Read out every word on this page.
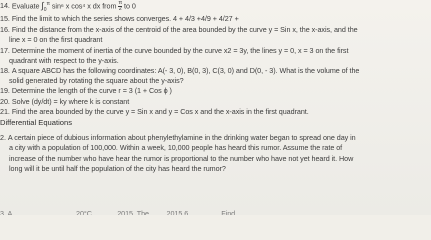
14. Evaluate $\int_0^\pi$ sin⁶ x cos⁴ x dx from $\frac{\pi}{2}$ to 0
15. Find the limit to which the series shows converges. 4 + 4/3 +4/9 + 4/27 +
16. Find the distance from the x-axis of the centroid of the area bounded by the curve y = Sin x, the x-axis, and the
line x = 0 on the first quadrant
17. Determine the moment of inertia of the curve bounded by the curve x2 = 3y, the lines y = 0, x = 3 on the first
quadrant with respect to the y-axis.
18. A square ABCD has the following coordinates: A(- 3, 0), B(0, 3), C(3, 0) and D(0, - 3). What is the volume of the
solid generated by rotating the square about the y-axis?
19. Determine the length of the curve r = 3 (1 + Cos ϕ )
20. Solve (dy/dt) = ky where k is constant
21. Find the area bounded by the curve y = Sin x and y = Cos x and the x-axis in the first quadrant.
Differential Equations
2. A certain piece of dubious information about phenylethylamine in the drinking water began to spread one day in
a city with a population of 100,000. Within a week, 10,000 people has heard this rumor. Assume the rate of
increase of the number who have hear the rumor is proportional to the number who have not yet heard it. How
long will it be until half the population of the city has heard the rumor?
3. A ... ... ... ... ... ... ... ... 20°C ... ... ... 2015. The ... ... 2015.6 ... ... ... ... Find
